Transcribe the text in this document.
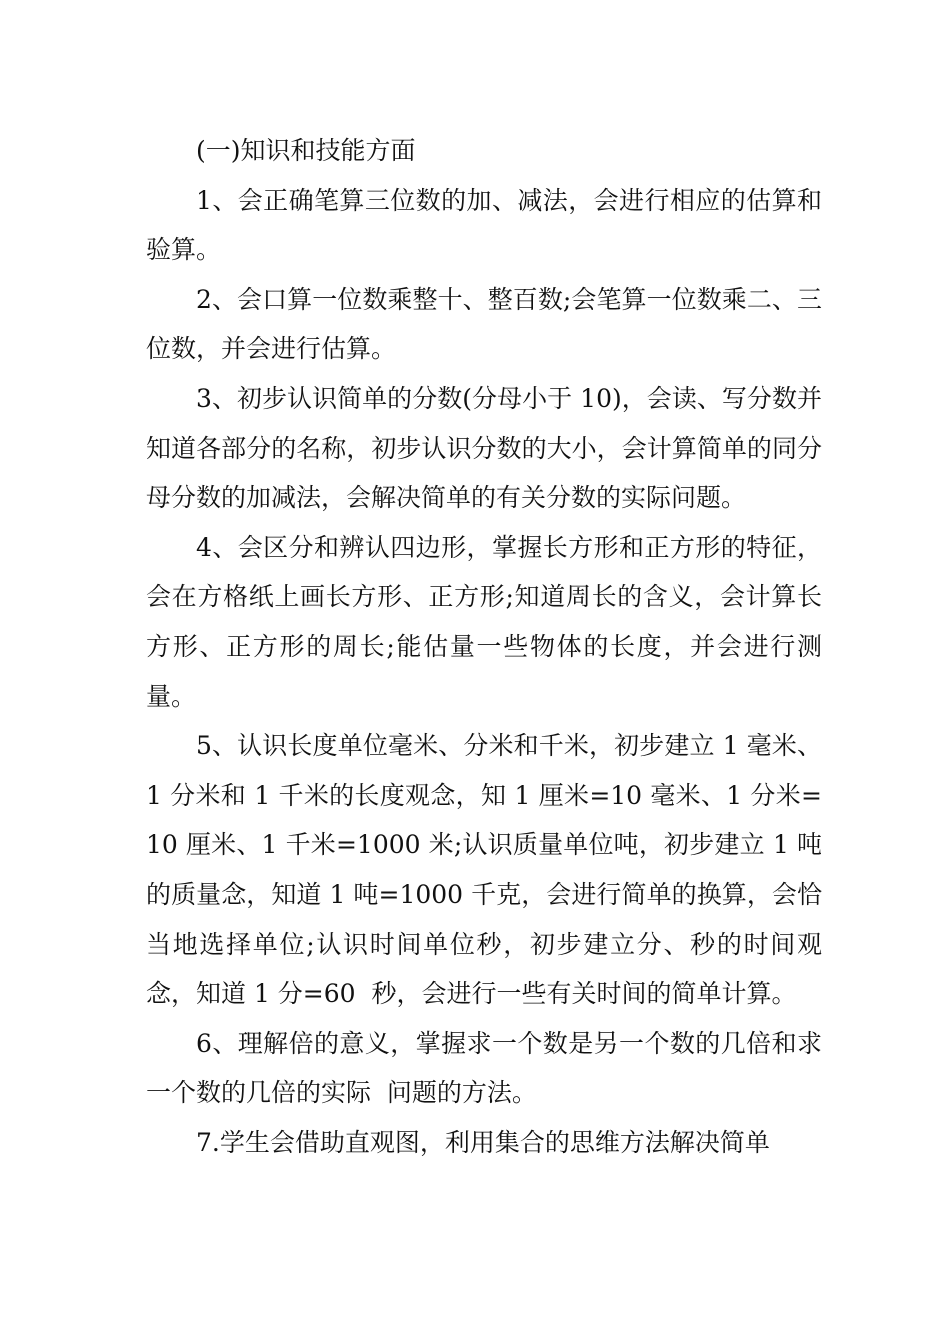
(一)知识和技能方面

1、会正确笔算三位数的加、减法，会进行相应的估算和验算。

2、会口算一位数乘整十、整百数;会笔算一位数乘二、三位数，并会进行估算。

3、初步认识简单的分数(分母小于 10)，会读、写分数并知道各部分的名称，初步认识分数的大小，会计算简单的同分母分数的加减法，会解决简单的有关分数的实际问题。

4、会区分和辨认四边形，掌握长方形和正方形的特征，会在方格纸上画长方形、正方形;知道周长的含义，会计算长方形、正方形的周长;能估量一些物体的长度，并会进行测量。

5、认识长度单位毫米、分米和千米，初步建立 1 毫米、1 分米和 1 千米的长度观念，知 1 厘米=10 毫米、1 分米=10 厘米、1 千米=1000 米;认识质量单位吨，初步建立 1 吨的质量念，知道 1 吨=1000 千克，会进行简单的换算，会恰当地选择单位;认识时间单位秒，初步建立分、秒的时间观念，知道 1 分=60  秒，会进行一些有关时间的简单计算。

6、理解倍的意义，掌握求一个数是另一个数的几倍和求一个数的几倍的实际  问题的方法。

7.学生会借助直观图，利用集合的思维方法解决简单
